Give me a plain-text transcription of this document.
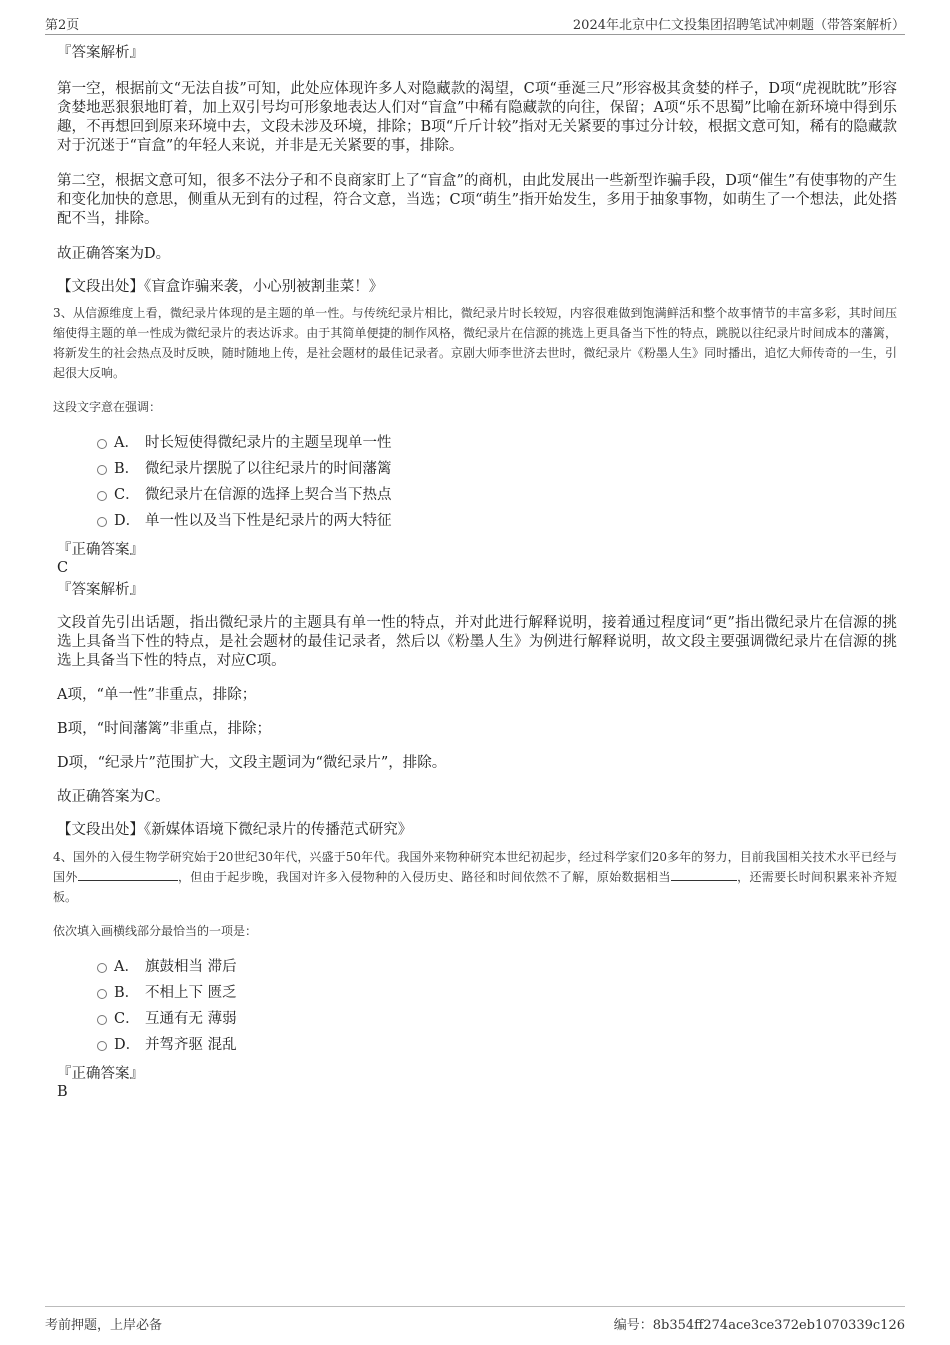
第2页	2024年北京中仁文投集团招聘笔试冲刺题（带答案解析）

『答案解析』

第一空，根据前文“无法自拔”可知，此处应体现许多人对隐藏款的渴望，C项“垂涎三尺”形容极其贪婪的样子，D项“虎视眈眈”形容贪婪地恶狠狠地盯着，加上双引号均可形象地表达人们对“盲盒”中稀有隐藏款的向往，保留；A项“乐不思蜀”比喻在新环境中得到乐趣，不再想回到原来环境中去，文段未涉及环境，排除；B项“斤斤计较”指对无关紧要的事过分计较，根据文意可知，稀有的隐藏款对于沉迷于“盲盒”的年轻人来说，并非是无关紧要的事，排除。

第二空，根据文意可知，很多不法分子和不良商家盯上了“盲盒”的商机，由此发展出一些新型诈骗手段，D项“催生”有使事物的产生和变化加快的意思，侧重从无到有的过程，符合文意，当选；C项“萌生”指开始发生，多用于抽象事物，如萌生了一个想法，此处搭配不当，排除。

故正确答案为D。

【文段出处】《盲盒诈骗来袭，小心别被割韭菜！》

3、从信源维度上看，微纪录片体现的是主题的单一性。与传统纪录片相比，微纪录片时长较短，内容很难做到饱满鲜活和整个故事情节的丰富多彩，其时间压缩使得主题的单一性成为微纪录片的表达诉求。由于其简单便捷的制作风格，微纪录片在信源的挑选上更具备当下性的特点，跳脱以往纪录片时间成本的藩篱，将新发生的社会热点及时反映，随时随地上传，是社会题材的最佳记录者。京剧大师李世济去世时，微纪录片《粉墨人生》同时播出，追忆大师传奇的一生，引起很大反响。

这段文字意在强调：

A． 时长短使得微纪录片的主题呈现单一性
B． 微纪录片摆脱了以往纪录片的时间藩篱
C． 微纪录片在信源的选择上契合当下热点
D． 单一性以及当下性是纪录片的两大特征

『正确答案』

C

『答案解析』

文段首先引出话题，指出微纪录片的主题具有单一性的特点，并对此进行解释说明，接着通过程度词“更”指出微纪录片在信源的挑选上具备当下性的特点，是社会题材的最佳记录者，然后以《粉墨人生》为例进行解释说明，故文段主要强调微纪录片在信源的挑选上具备当下性的特点，对应C项。

A项，“单一性”非重点，排除；

B项，“时间藩篱”非重点，排除；

D项，“纪录片”范围扩大，文段主题词为“微纪录片”，排除。

故正确答案为C。

【文段出处】《新媒体语境下微纪录片的传播范式研究》

4、国外的入侵生物学研究始于20世纪30年代，兴盛于50年代。我国外来物种研究本世纪初起步，经过科学家们20多年的努力，目前我国相关技术水平已经与国外	，但由于起步晚，我国对许多入侵物种的入侵历史、路径和时间依然不了解，原始数据相当	，还需要长时间积累来补齐短板。

依次填入画横线部分最恰当的一项是：

A． 旗鼓相当 滞后
B． 不相上下 匮乏
C． 互通有无 薄弱
D． 并驾齐驱 混乱

『正确答案』

B

考前押题，上岸必备	编号：8b354ff274ace3ce372eb1070339c126
